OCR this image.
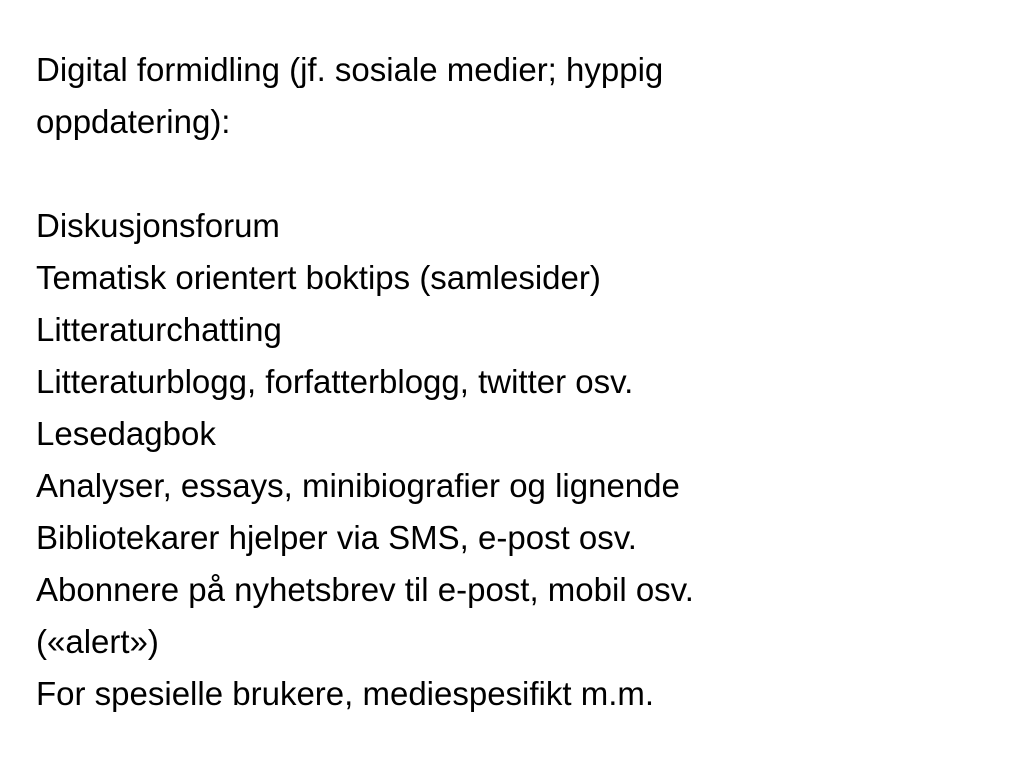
Digital formidling (jf. sosiale medier; hyppig
oppdatering):
Diskusjonsforum
Tematisk orientert boktips (samlesider)
Litteraturchatting
Litteraturblogg, forfatterblogg, twitter osv.
Lesedagbok
Analyser, essays, minibiografier og lignende
Bibliotekarer hjelper via SMS, e-post osv.
Abonnere på nyhetsbrev til e-post, mobil osv.
(«alert»)
For spesielle brukere, mediespesifikt m.m.
